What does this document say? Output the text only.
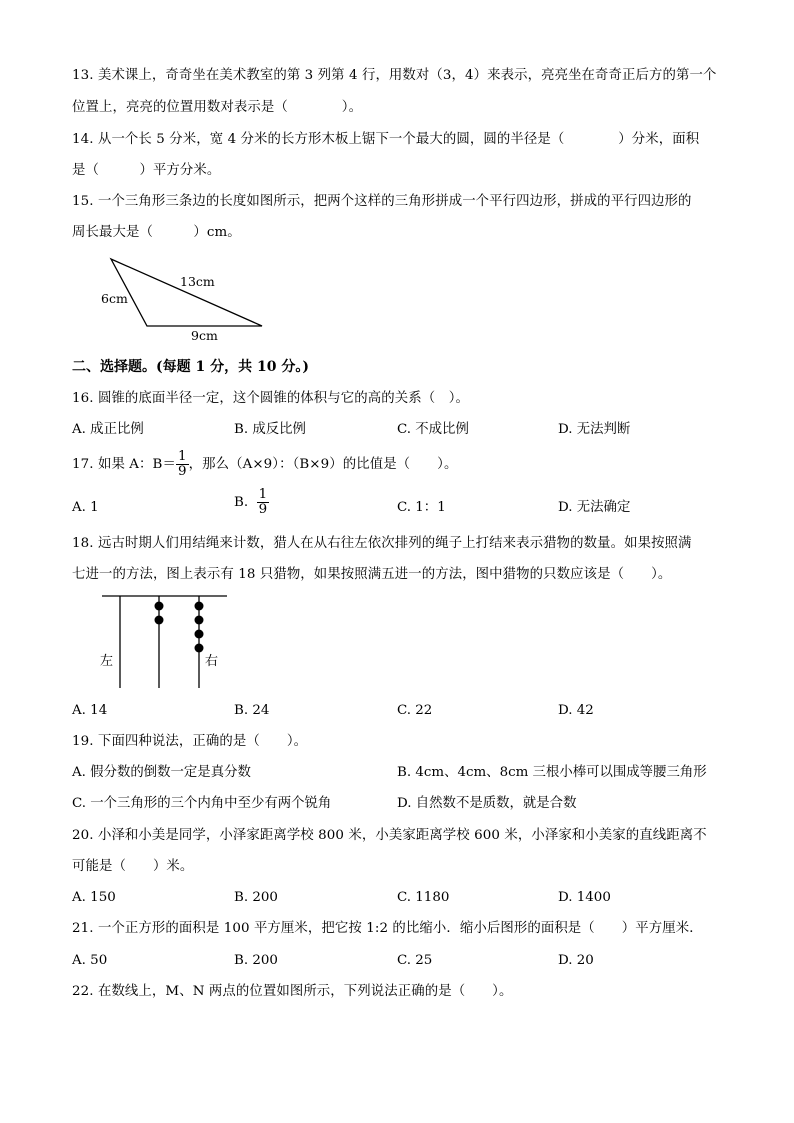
13. 美术课上，奇奇坐在美术教室的第 3 列第 4 行，用数对（3，4）来表示，亮亮坐在奇奇正后方的第一个
位置上，亮亮的位置用数对表示是（　　　　）。
14. 从一个长 5 分米，宽 4 分米的长方形木板上锯下一个最大的圆，圆的半径是（　　　　）分米，面积
是（　　　）平方分米。
15. 一个三角形三条边的长度如图所示，把两个这样的三角形拼成一个平行四边形，拼成的平行四边形的
周长最大是（　　　）cm。
6cm
13cm
9cm
二、选择题。(每题 1 分，共 10 分。)
16. 圆锥的底面半径一定，这个圆锥的体积与它的高的关系（　）。
A. 成正比例	B. 成反比例	C. 不成比例	D. 无法判断
17. 如果 A：$B= \frac{1}{9}$ ，那么（A×9）：（B×9）的比值是（　　）。
A. 1	B. $\frac{1}{9}$	C. 1：1	D. 无法确定
18. 远古时期人们用结绳来计数，猎人在从右往左依次排列的绳子上打结来表示猎物的数量。如果按照满
七进一的方法，图上表示有 18 只猎物，如果按照满五进一的方法，图中猎物的只数应该是（　　）。
左	右
A. 14	B. 24	C. 22	D. 42
19. 下面四种说法，正确的是（　　）。
A. 假分数的倒数一定是真分数	B. 4cm、4cm、8cm 三根小棒可以围成等腰三角形
C. 一个三角形的三个内角中至少有两个锐角	D. 自然数不是质数，就是合数
20. 小泽和小美是同学，小泽家距离学校 800 米，小美家距离学校 600 米，小泽家和小美家的直线距离不
可能是（　　）米。
A. 150	B. 200	C. 1180	D. 1400
21. 一个正方形的面积是 100 平方厘米，把它按 1:2 的比缩小．缩小后图形的面积是（　　）平方厘米．
A. 50	B. 200	C. 25	D. 20
22. 在数线上，M、N 两点的位置如图所示，下列说法正确的是（　　）。
